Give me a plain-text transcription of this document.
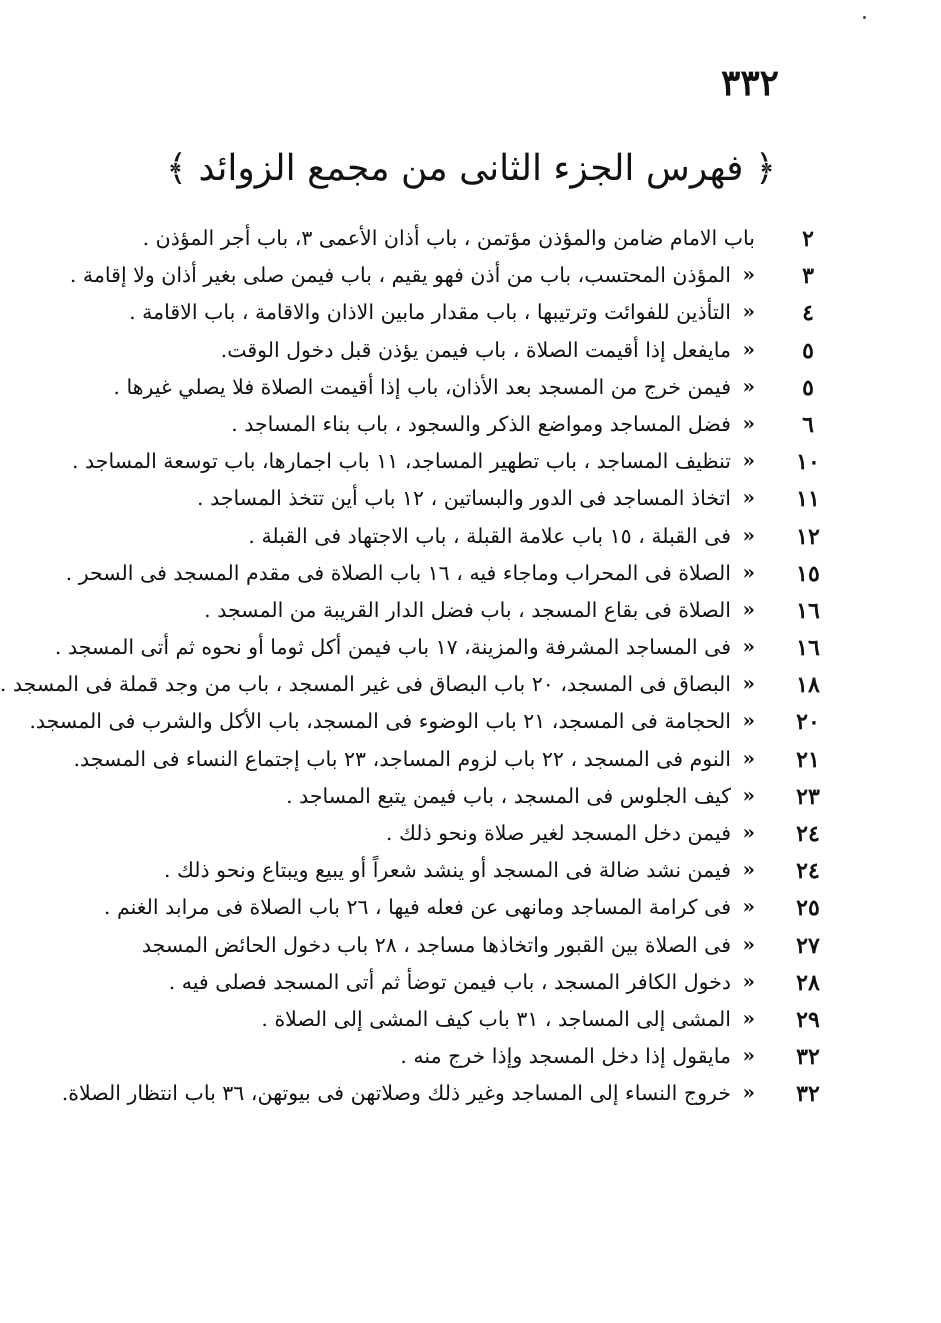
٣٣٢
﴿ فهرس الجزء الثانى من مجمع الزوائد ﴾
٢
باب الامام ضامن والمؤذن مؤتمن ، باب أذان الأعمى ٣، باب أجر المؤذن .
٣
«
المؤذن المحتسب، باب من أذن فهو يقيم ، باب فيمن صلى بغير أذان ولا إقامة .
٤
«
التأذين للفوائت وترتيبها ، باب مقدار مابين الاذان والاقامة ، باب الاقامة .
٥
«
مايفعل إذا أقيمت الصلاة ، باب فيمن يؤذن قبل دخول الوقت.
٥
«
فيمن خرج من المسجد بعد الأذان، باب إذا أقيمت الصلاة فلا يصلي غيرها .
٦
«
فضل المساجد ومواضع الذكر والسجود ، باب بناء المساجد .
١٠
«
تنظيف المساجد ، باب تطهير المساجد، ١١ باب اجمارها، باب توسعة المساجد .
١١
«
اتخاذ المساجد فى الدور والبساتين ، ١٢ باب أين تتخذ المساجد .
١٢
«
فى القبلة ، ١٥ باب علامة القبلة ، باب الاجتهاد فى القبلة .
١٥
«
الصلاة فى المحراب وماجاء فيه ، ١٦ باب الصلاة فى مقدم المسجد فى السحر .
١٦
«
الصلاة فى بقاع المسجد ، باب فضل الدار القريبة من المسجد .
١٦
«
فى المساجد المشرفة والمزينة، ١٧ باب فيمن أكل ثوما أو نحوه ثم أتى المسجد .
١٨
«
البصاق فى المسجد، ٢٠ باب البصاق فى غير المسجد ، باب من وجد قملة فى المسجد .
٢٠
«
الحجامة فى المسجد، ٢١ باب الوضوء فى المسجد، باب الأكل والشرب فى المسجد.
٢١
«
النوم فى المسجد ، ٢٢ باب لزوم المساجد، ٢٣ باب إجتماع النساء فى المسجد.
٢٣
«
كيف الجلوس فى المسجد ، باب فيمن يتبع المساجد .
٢٤
«
فيمن دخل المسجد لغير صلاة ونحو ذلك .
٢٤
«
فيمن نشد ضالة فى المسجد أو ينشد شعراً أو يبيع ويبتاع ونحو ذلك .
٢٥
«
فى كرامة المساجد ومانهى عن فعله فيها ، ٢٦ باب الصلاة فى مرابد الغنم .
٢٧
«
فى الصلاة بين القبور واتخاذها مساجد ، ٢٨ باب دخول الحائض المسجد
٢٨
«
دخول الكافر المسجد ، باب فيمن توضأ ثم أتى المسجد فصلى فيه .
٢٩
«
المشى إلى المساجد ، ٣١ باب كيف المشى إلى الصلاة .
٣٢
«
مايقول إذا دخل المسجد وإذا خرج منه .
٣٢
«
خروج النساء إلى المساجد وغير ذلك وصلاتهن فى بيوتهن، ٣٦ باب انتظار الصلاة.
